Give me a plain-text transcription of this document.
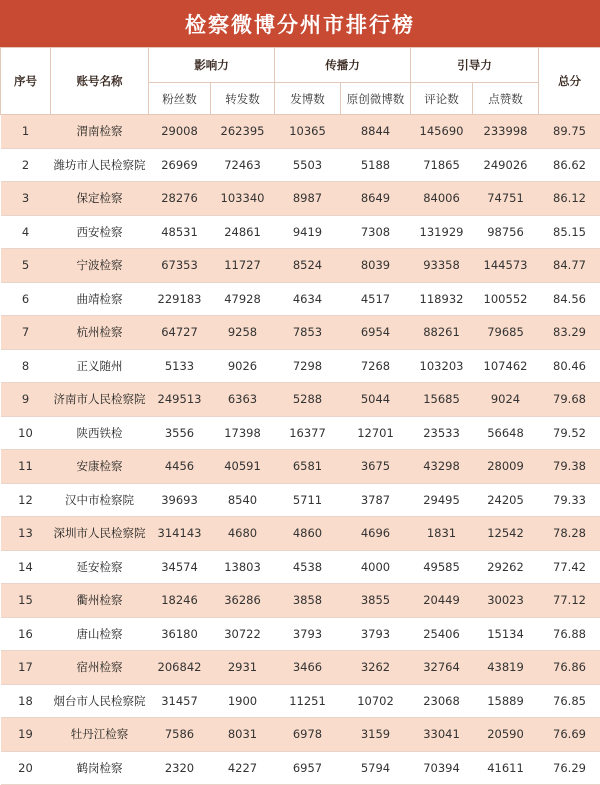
检察微博分州市排行榜
序号	账号名称	影响力		传播力		引导力		总分
		粉丝数	转发数	发博数	原创微博数	评论数	点赞数	
1	渭南检察	29008	262395	10365	8844	145690	233998	89.75
2	潍坊市人民检察院	26969	72463	5503	5188	71865	249026	86.62
3	保定检察	28276	103340	8987	8649	84006	74751	86.12
4	西安检察	48531	24861	9419	7308	131929	98756	85.15
5	宁波检察	67353	11727	8524	8039	93358	144573	84.77
6	曲靖检察	229183	47928	4634	4517	118932	100552	84.56
7	杭州检察	64727	9258	7853	6954	88261	79685	83.29
8	正义随州	5133	9026	7298	7268	103203	107462	80.46
9	济南市人民检察院	249513	6363	5288	5044	15685	9024	79.68
10	陕西铁检	3556	17398	16377	12701	23533	56648	79.52
11	安康检察	4456	40591	6581	3675	43298	28009	79.38
12	汉中市检察院	39693	8540	5711	3787	29495	24205	79.33
13	深圳市人民检察院	314143	4680	4860	4696	1831	12542	78.28
14	延安检察	34574	13803	4538	4000	49585	29262	77.42
15	衢州检察	18246	36286	3858	3855	20449	30023	77.12
16	唐山检察	36180	30722	3793	3793	25406	15134	76.88
17	宿州检察	206842	2931	3466	3262	32764	43819	76.86
18	烟台市人民检察院	31457	1900	11251	10702	23068	15889	76.85
19	牡丹江检察	7586	8031	6978	3159	33041	20590	76.69
20	鹤岗检察	2320	4227	6957	5794	70394	41611	76.29
